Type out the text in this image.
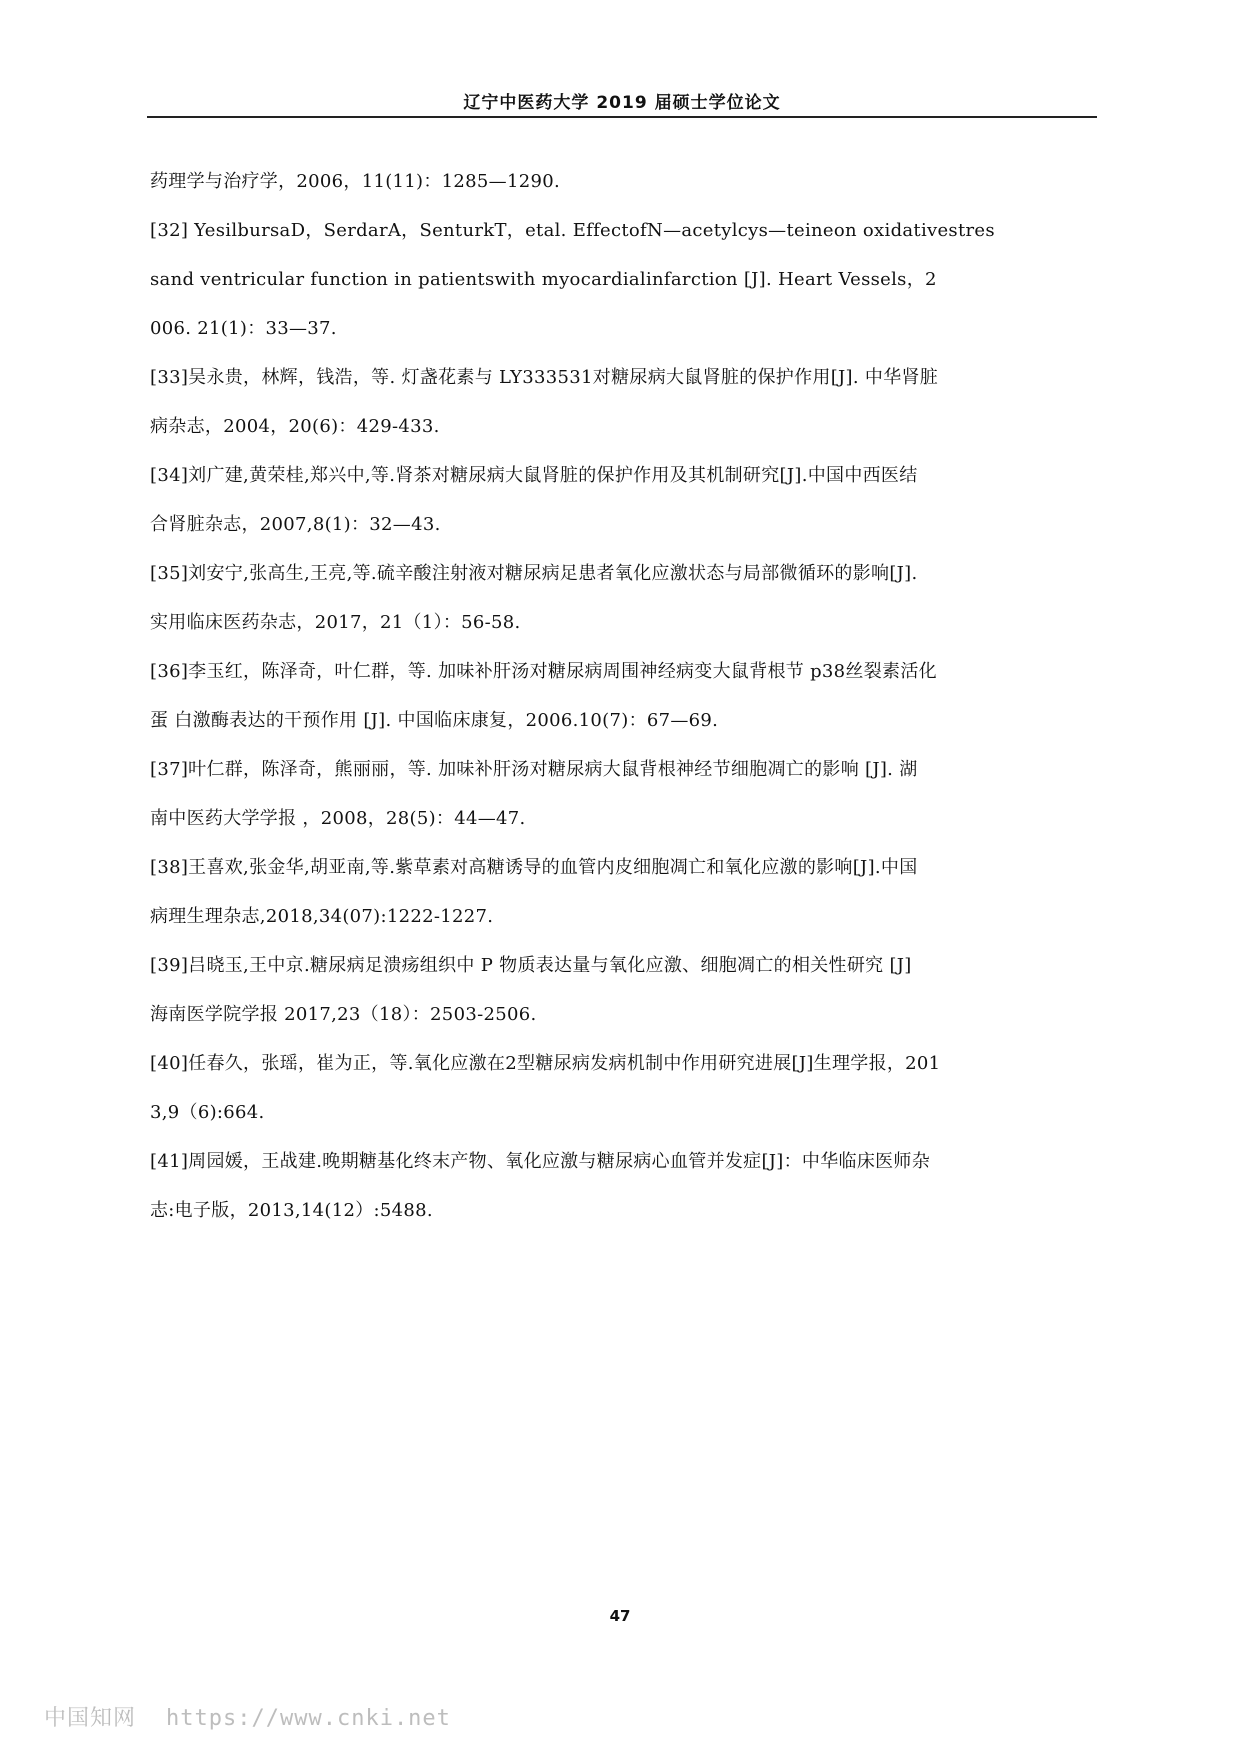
辽宁中医药大学 2019 届硕士学位论文
药理学与治疗学，2006，11(11)：1285—1290.
[32] YesilbursaD，SerdarA，SenturkT，etal. EffectofN—acetylcys—teineon oxidativestres
sand ventricular function in patientswith myocardialinfarction [J]. Heart Vessels，2
006. 21(1)：33—37.
[33]吴永贵，林辉，钱浩，等. 灯盏花素与 LY333531对糖尿病大鼠肾脏的保护作用[J]. 中华肾脏
病杂志，2004，20(6)：429-433.
[34]刘广建,黄荣桂,郑兴中,等.肾茶对糖尿病大鼠肾脏的保护作用及其机制研究[J].中国中西医结
合肾脏杂志，2007,8(1)：32—43.
[35]刘安宁,张高生,王亮,等.硫辛酸注射液对糖尿病足患者氧化应激状态与局部微循环的影响[J].
实用临床医药杂志，2017，21（1）：56-58.
[36]李玉红，陈泽奇，叶仁群，等. 加味补肝汤对糖尿病周围神经病变大鼠背根节 p38丝裂素活化
蛋 白激酶表达的干预作用 [J]. 中国临床康复，2006.10(7)：67—69.
[37]叶仁群，陈泽奇，熊丽丽，等. 加味补肝汤对糖尿病大鼠背根神经节细胞凋亡的影响 [J]. 湖
南中医药大学学报 ，2008，28(5)：44—47.
[38]王喜欢,张金华,胡亚南,等.紫草素对高糖诱导的血管内皮细胞凋亡和氧化应激的影响[J].中国
病理生理杂志,2018,34(07):1222-1227.
[39]吕晓玉,王中京.糖尿病足溃疡组织中 P 物质表达量与氧化应激、细胞凋亡的相关性研究 [J]
海南医学院学报 2017,23（18）：2503-2506.
[40]任春久，张瑶，崔为正，等.氧化应激在2型糖尿病发病机制中作用研究进展[J]生理学报，201
3,9（6):664.
[41]周园媛，王战建.晚期糖基化终末产物、氧化应激与糖尿病心血管并发症[J]：中华临床医师杂
志:电子版，2013,14(12）:5488.
47
中国知网 https://www.cnki.net
